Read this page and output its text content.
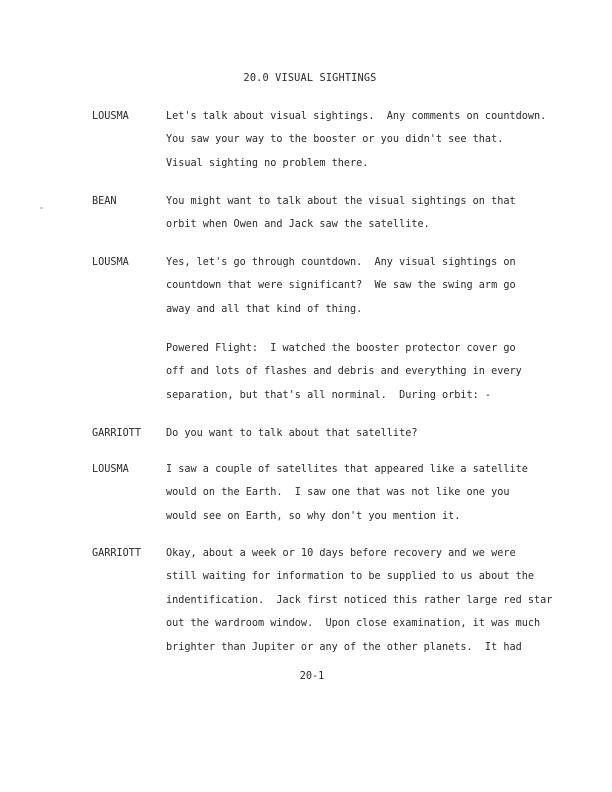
20.0 VISUAL SIGHTINGS
LOUSMA	Let's talk about visual sightings.  Any comments on countdown.
You saw your way to the booster or you didn't see that.
Visual sighting no problem there.
BEAN	You might want to talk about the visual sightings on that
orbit when Owen and Jack saw the satellite.
LOUSMA	Yes, let's go through countdown.  Any visual sightings on
countdown that were significant?  We saw the swing arm go
away and all that kind of thing.
Powered Flight:  I watched the booster protector cover go
off and lots of flashes and debris and everything in every
separation, but that's all norminal.  During orbit: -
GARRIOTT Do you want to talk about that satellite?
LOUSMA	I saw a couple of satellites that appeared like a satellite
would on the Earth.  I saw one that was not like one you
would see on Earth, so why don't you mention it.
GARRIOTT Okay, about a week or 10 days before recovery and we were
still waiting for information to be supplied to us about the
indentification.  Jack first noticed this rather large red star
out the wardroom window.  Upon close examination, it was much
brighter than Jupiter or any of the other planets.  It had
20-1
